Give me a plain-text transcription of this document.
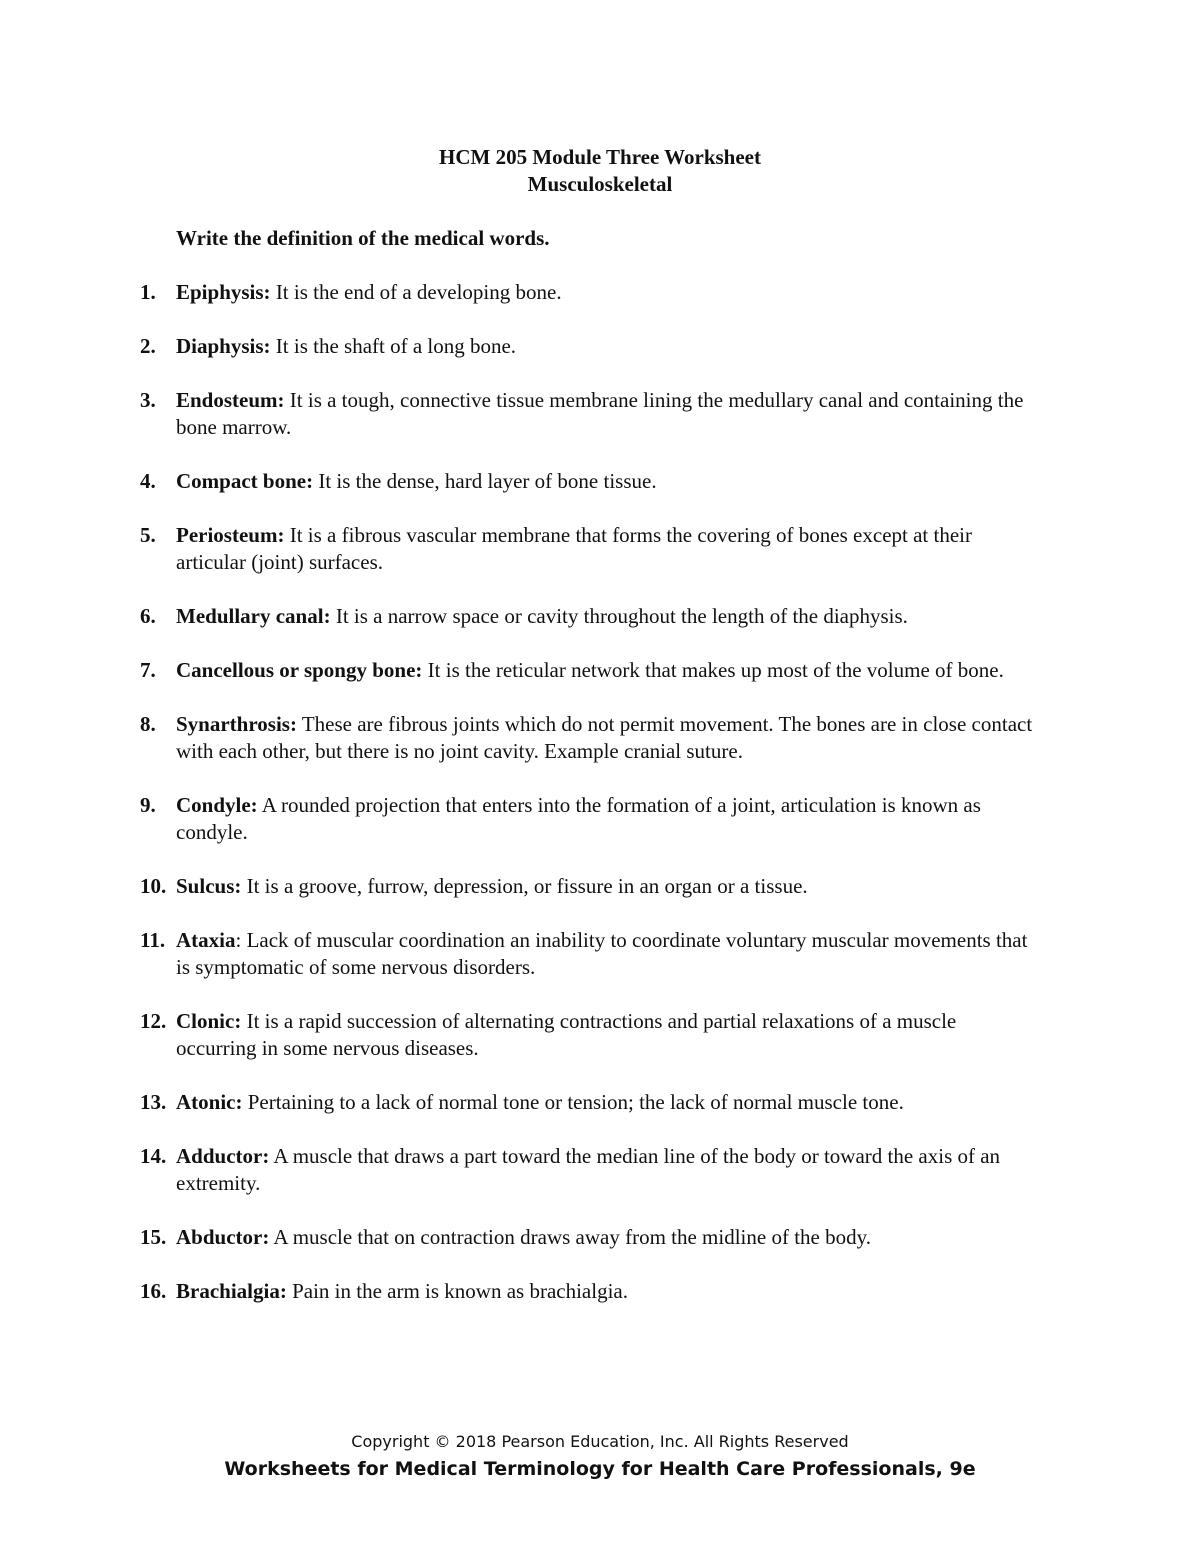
HCM 205 Module Three Worksheet
Musculoskeletal
Write the definition of the medical words.
1. Epiphysis: It is the end of a developing bone.
2. Diaphysis: It is the shaft of a long bone.
3. Endosteum: It is a tough, connective tissue membrane lining the medullary canal and containing the bone marrow.
4. Compact bone: It is the dense, hard layer of bone tissue.
5. Periosteum: It is a fibrous vascular membrane that forms the covering of bones except at their articular (joint) surfaces.
6. Medullary canal: It is a narrow space or cavity throughout the length of the diaphysis.
7. Cancellous or spongy bone: It is the reticular network that makes up most of the volume of bone.
8. Synarthrosis: These are fibrous joints which do not permit movement. The bones are in close contact with each other, but there is no joint cavity. Example cranial suture.
9. Condyle: A rounded projection that enters into the formation of a joint, articulation is known as condyle.
10. Sulcus: It is a groove, furrow, depression, or fissure in an organ or a tissue.
11. Ataxia: Lack of muscular coordination an inability to coordinate voluntary muscular movements that is symptomatic of some nervous disorders.
12. Clonic: It is a rapid succession of alternating contractions and partial relaxations of a muscle occurring in some nervous diseases.
13. Atonic: Pertaining to a lack of normal tone or tension; the lack of normal muscle tone.
14. Adductor: A muscle that draws a part toward the median line of the body or toward the axis of an extremity.
15. Abductor: A muscle that on contraction draws away from the midline of the body.
16. Brachialgia: Pain in the arm is known as brachialgia.
Copyright © 2018 Pearson Education, Inc. All Rights Reserved
Worksheets for Medical Terminology for Health Care Professionals, 9e
